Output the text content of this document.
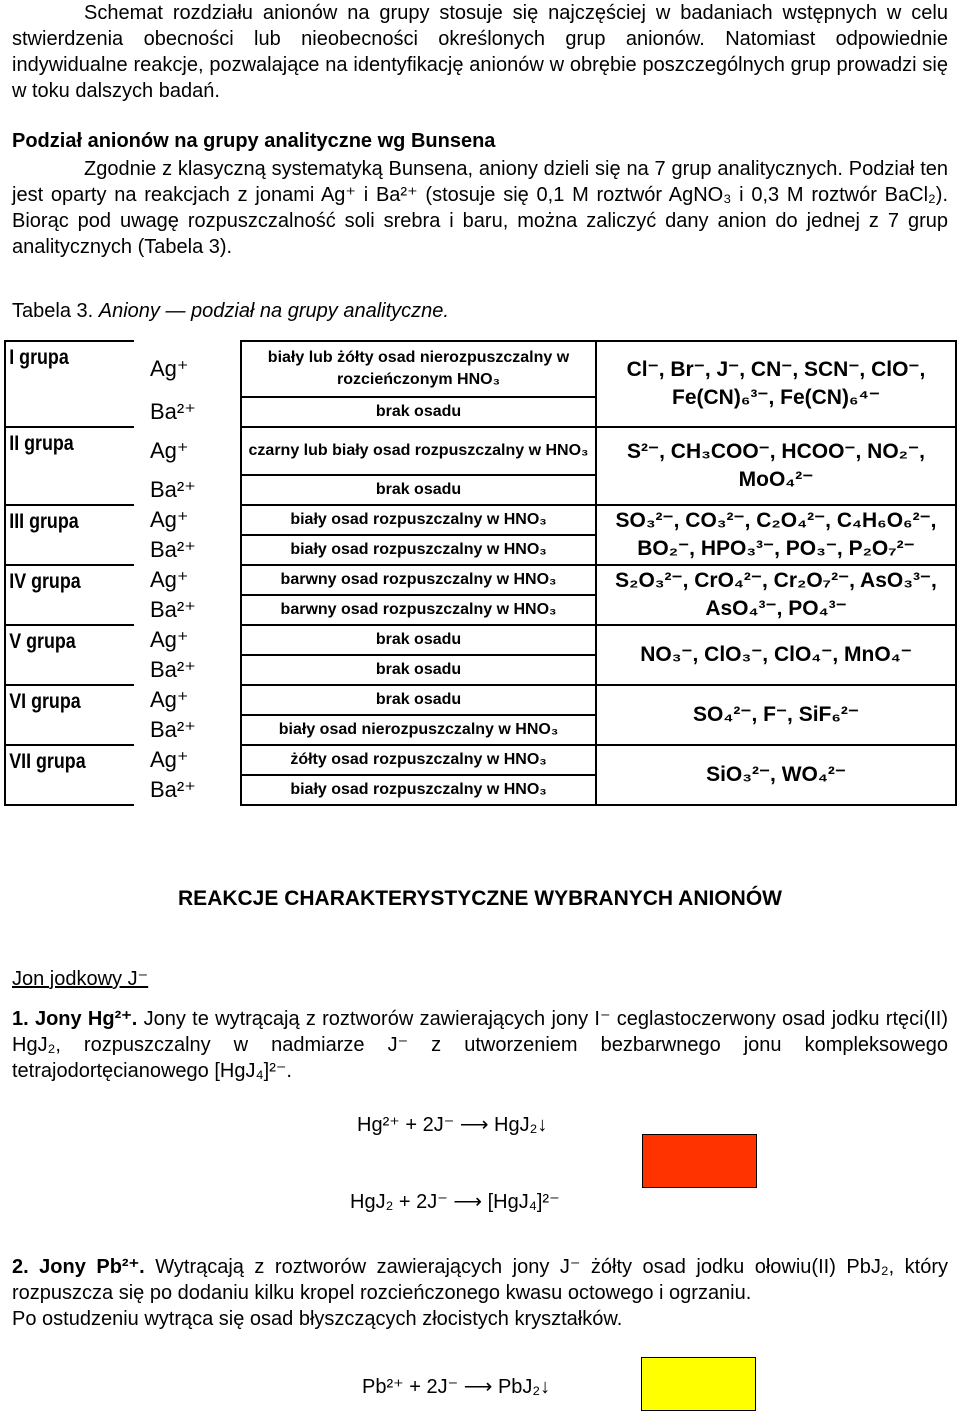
Schemat rozdziału anionów na grupy stosuje się najczęściej w badaniach wstępnych w celu stwierdzenia obecności lub nieobecności określonych grup anionów. Natomiast odpowiednie indywidualne reakcje, pozwalające na identyfikację anionów w obrębie poszczególnych grup prowadzi się w toku dalszych badań.
Podział anionów na grupy analityczne wg Bunsena
Zgodnie z klasyczną systematyką Bunsena, aniony dzieli się na 7 grup analitycznych. Podział ten jest oparty na reakcjach z jonami Ag⁺ i Ba²⁺ (stosuje się 0,1 M roztwór AgNO₃ i 0,3 M roztwór BaCl₂). Biorąc pod uwagę rozpuszczalność soli srebra i baru, można zaliczyć dany anion do jednej z 7 grup analitycznych (Tabela 3).
Tabela 3. Aniony — podział na grupy analityczne.
I grupa	Ag⁺	biały lub żółty osad nierozpuszczalny w rozcieńczonym HNO₃	Cl⁻, Br⁻, J⁻, CN⁻, SCN⁻, ClO⁻, Fe(CN)₆³⁻, Fe(CN)₆⁴⁻
	Ba²⁺	brak osadu	
II grupa	Ag⁺	czarny lub biały osad rozpuszczalny w HNO₃	S²⁻, CH₃COO⁻, HCOO⁻, NO₂⁻, MoO₄²⁻
	Ba²⁺	brak osadu	
III grupa	Ag⁺	biały osad rozpuszczalny w HNO₃	SO₃²⁻, CO₃²⁻, C₂O₄²⁻, C₄H₆O₆²⁻, BO₂⁻, HPO₃³⁻, PO₃⁻, P₂O₇²⁻
	Ba²⁺	biały osad rozpuszczalny w HNO₃	
IV grupa	Ag⁺	barwny osad rozpuszczalny w HNO₃	S₂O₃²⁻, CrO₄²⁻, Cr₂O₇²⁻, AsO₃³⁻, AsO₄³⁻, PO₄³⁻
	Ba²⁺	barwny osad rozpuszczalny w HNO₃	
V grupa	Ag⁺	brak osadu	NO₃⁻, ClO₃⁻, ClO₄⁻, MnO₄⁻
	Ba²⁺	brak osadu	
VI grupa	Ag⁺	brak osadu	SO₄²⁻, F⁻, SiF₆²⁻
	Ba²⁺	biały osad nierozpuszczalny w HNO₃	
VII grupa	Ag⁺	żółty osad rozpuszczalny w HNO₃	SiO₃²⁻, WO₄²⁻
	Ba²⁺	biały osad rozpuszczalny w HNO₃	
REAKCJE CHARAKTERYSTYCZNE WYBRANYCH ANIONÓW
Jon jodkowy J⁻
1. Jony Hg²⁺. Jony te wytrącają z roztworów zawierających jony I⁻ ceglastoczerwony osad jodku rtęci(II) HgJ₂, rozpuszczalny w nadmiarze J⁻ z utworzeniem bezbarwnego jonu kompleksowego tetrajodortęcianowego [HgJ₄]²⁻.
Hg²⁺ + 2J⁻ ⟶ HgJ₂↓
HgJ₂ + 2J⁻ ⟶ [HgJ₄]²⁻
2. Jony Pb²⁺. Wytrącają z roztworów zawierających jony J⁻ żółty osad jodku ołowiu(II) PbJ₂, który rozpuszcza się po dodaniu kilku kropel rozcieńczonego kwasu octowego i ogrzaniu.
Po ostudzeniu wytrąca się osad błyszczących złocistych kryształków.
Pb²⁺ + 2J⁻ ⟶ PbJ₂↓
